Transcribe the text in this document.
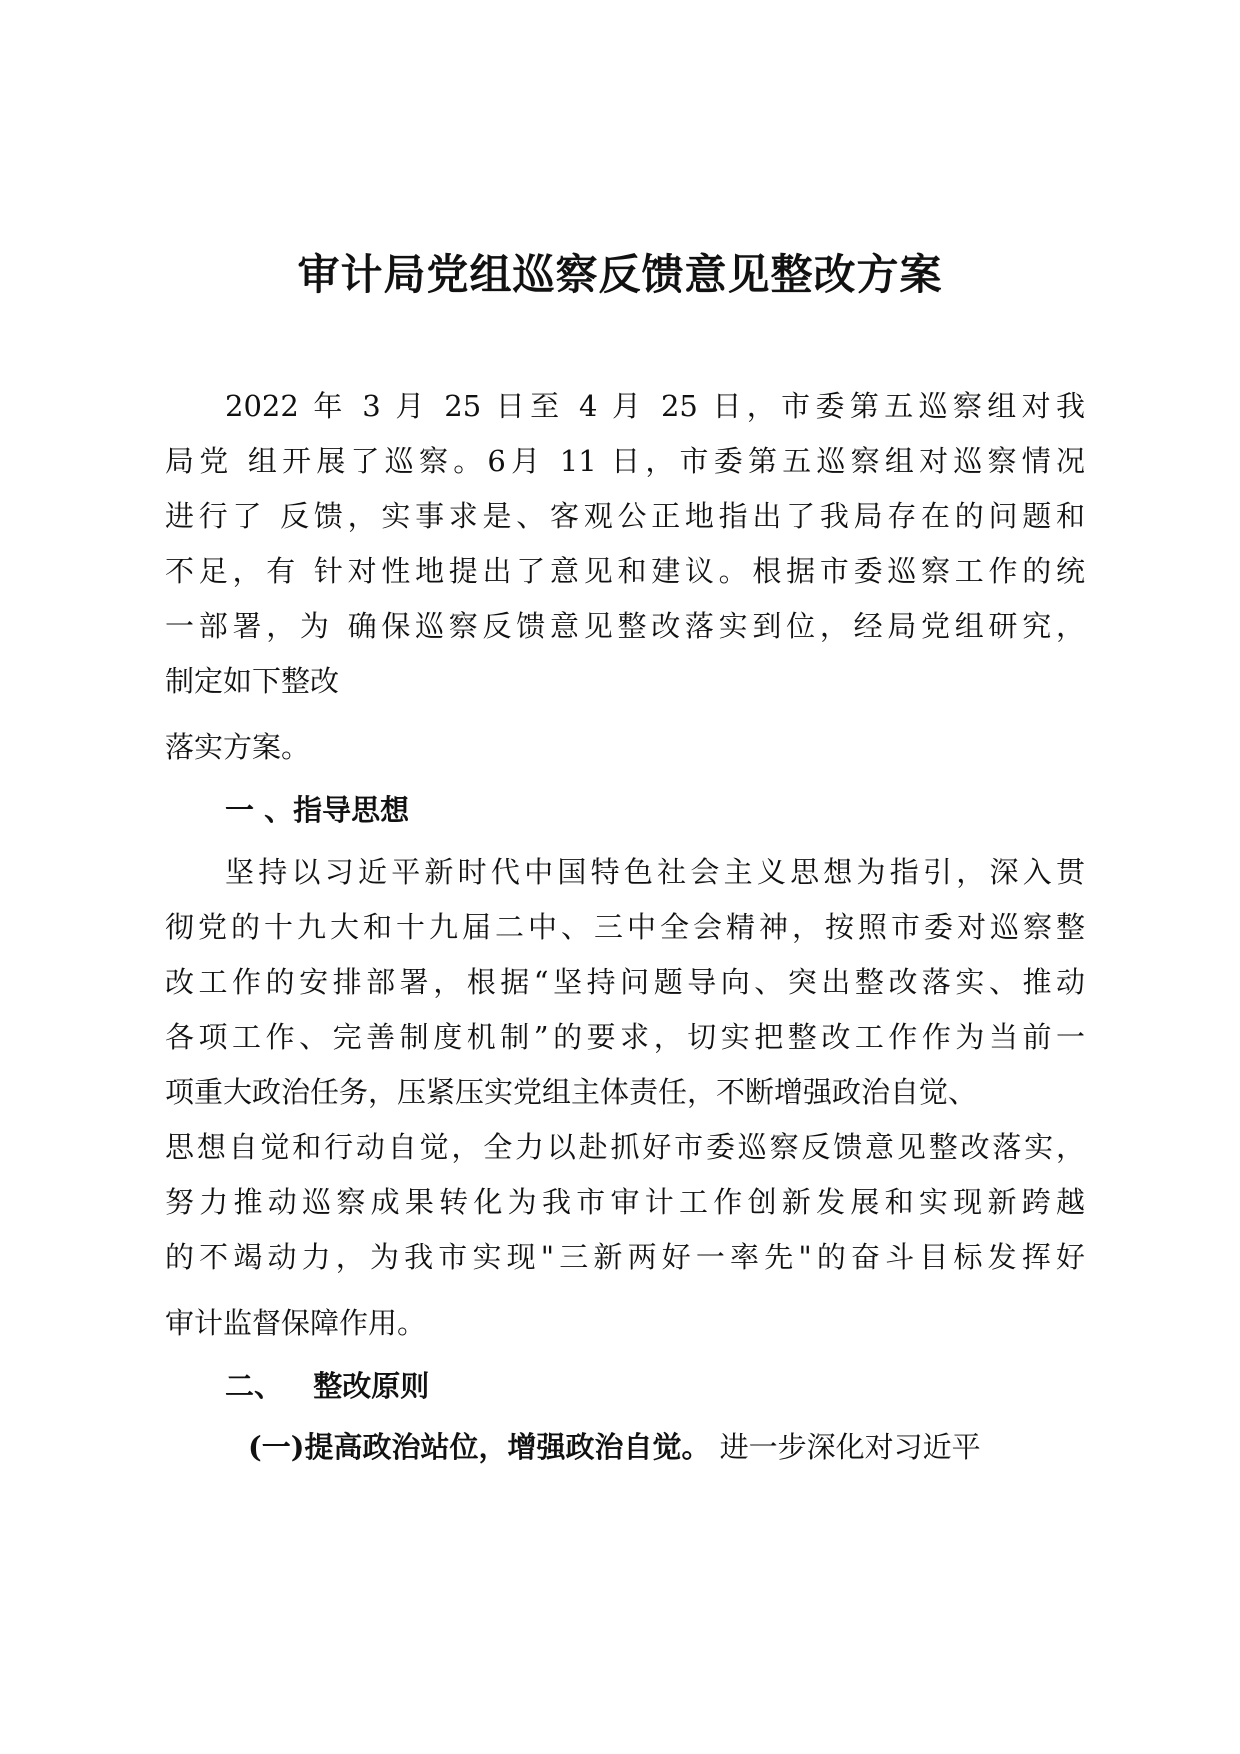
审计局党组巡察反馈意见整改方案
2022 年 3 月 25 日至 4 月 25 日，市委第五巡察组对我
局党 组开展了巡察。6月 11 日，市委第五巡察组对巡察情况
进行了 反馈，实事求是、客观公正地指出了我局存在的问题和
不足，有 针对性地提出了意见和建议。根据市委巡察工作的统
一部署，为 确保巡察反馈意见整改落实到位，经局党组研究，
制定如下整改
落实方案。
一 、指导思想
坚持以习近平新时代中国特色社会主义思想为指引，深入贯
彻党的十九大和十九届二中、三中全会精神，按照市委对巡察整
改工作的安排部署，根据“坚持问题导向、突出整改落实、推动
各项工作、完善制度机制”的要求，切实把整改工作作为当前一
项重大政治任务，压紧压实党组主体责任，不断增强政治自觉、
思想自觉和行动自觉，全力以赴抓好市委巡察反馈意见整改落实，
努力推动巡察成果转化为我市审计工作创新发展和实现新跨越
的不竭动力，为我市实现"三新两好一率先"的奋斗目标发挥好
审计监督保障作用。
二、   整改原则
(一)提高政治站位，增强政治自觉。 进一步深化对习近平
